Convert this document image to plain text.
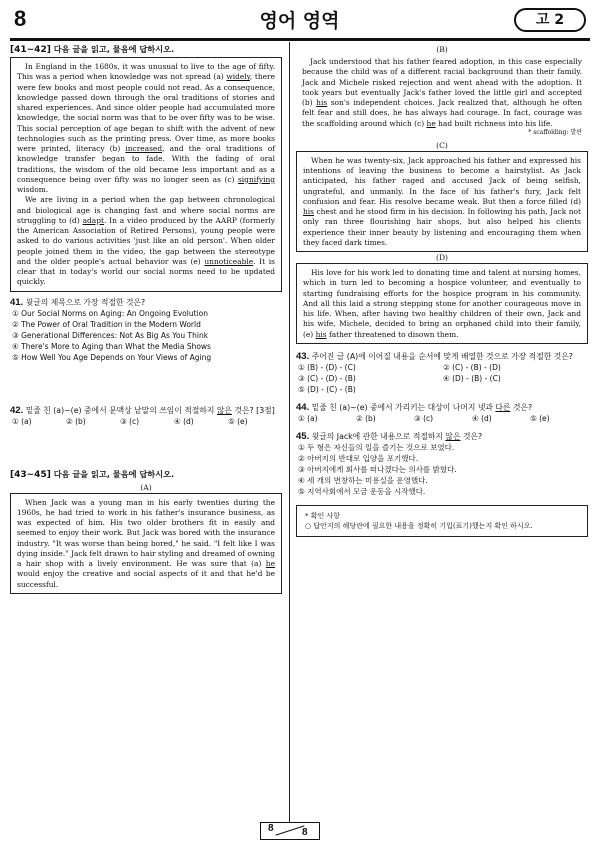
8	영어 영역	고 2
[41~42] 다음 글을 읽고, 물음에 답하시오.

In England in the 1680s, it was unusual to live to the age of fifty. This was a period when knowledge was not spread (a) widely, there were few books and most people could not read. As a consequence, knowledge passed down through the oral traditions of stories and shared experiences. And since older people had accumulated more knowledge, the social norm was that to be over fifty was to be wise. This social perception of age began to shift with the advent of new technologies such as the printing press. Over time, as more books were printed, literacy (b) increased, and the oral traditions of knowledge transfer began to fade. With the fading of oral traditions, the wisdom of the old became less important and as a consequence being over fifty was no longer seen as (c) signifying wisdom.

We are living in a period when the gap between chronological and biological age is changing fast and where social norms are struggling to (d) adapt. In a video produced by the AARP (formerly the American Association of Retired Persons), young people were asked to do various activities 'just like an old person'. When older people joined them in the video, the gap between the stereotype and the older people's actual behavior was (e) unnoticeable. It is clear that in today's world our social norms need to be updated quickly.

41. 윗글의 제목으로 가장 적절한 것은?
① Our Social Norms on Aging: An Ongoing Evolution
② The Power of Oral Tradition in the Modern World
③ Generational Differences: Not As Big As You Think
④ There's More to Aging than What the Media Shows
⑤ How Well You Age Depends on Your Views of Aging
42. 밑줄 친 (a)~(e) 중에서 문맥상 낱말의 쓰임이 적절하지 않은 것은? [3점]
① (a)	② (b)	③ (c)	④ (d)	⑤ (e)
[43~45] 다음 글을 읽고, 물음에 답하시오.
(A)

When Jack was a young man in his early twenties during the 1960s, he had tried to work in his father's insurance business, as was expected of him. His two older brothers fit in easily and seemed to enjoy their work. But Jack was bored with the insurance industry. "It was worse than being bored," he said. "I felt like I was dying inside." Jack felt drawn to hair styling and dreamed of owning a hair shop with a lively environment. He was sure that (a) he would enjoy the creative and social aspects of it and that he'd be successful.

(B)

Jack understood that his father feared adoption, in this case especially because the child was of a different racial background than their family. Jack and Michele risked rejection and went ahead with the adoption. It took years but eventually Jack's father loved the little girl and accepted (b) his son's independent choices. Jack realized that, although he often felt fear and still does, he has always had courage. In fact, courage was the scaffolding around which (c) he had built richness into his life.

* scaffolding: 발판
(C)

When he was twenty-six, Jack approached his father and expressed his intentions of leaving the business to become a hairstylist. As Jack anticipated, his father raged and accused Jack of being selfish, ungrateful, and unmanly. In the face of his father's fury, Jack felt confusion and fear. His resolve became weak. But then a force filled (d) his chest and he stood firm in his decision. In following his path, Jack not only ran three flourishing hair shops, but also helped his clients experience their inner beauty by listening and encouraging them when they faced dark times.

(D)

His love for his work led to donating time and talent at nursing homes, which in turn led to becoming a hospice volunteer, and eventually to starting fundraising efforts for the hospice program in his community. And all this laid a strong stepping stone for another courageous move in his life. When, after having two healthy children of their own, Jack and his wife, Michele, decided to bring an orphaned child into their family, (e) his father threatened to disown them.

43. 주어진 글 (A)에 이어질 내용을 순서에 맞게 배열한 것으로 가장 적절한 것은?
① (B) - (D) - (C)	② (C) - (B) - (D)
③ (C) - (D) - (B)	④ (D) - (B) - (C)
⑤ (D) - (C) - (B)
44. 밑줄 친 (a)~(e) 중에서 가리키는 대상이 나머지 넷과 다른 것은?
① (a)	② (b)	③ (c)	④ (d)	⑤ (e)
45. 윗글의 Jack에 관한 내용으로 적절하지 않은 것은?
① 두 형은 자신들의 일을 즐기는 것으로 보였다.
② 아버지의 반대로 입양을 포기했다.
③ 아버지에게 회사를 떠나겠다는 의사를 밝혔다.
④ 세 개의 번창하는 미용실을 운영했다.
⑤ 지역사회에서 모금 운동을 시작했다.
* 확인 사항
○ 답안지의 해당란에 필요한 내용을 정확히 기입(표기)했는지 확인 하시오.
8	8
